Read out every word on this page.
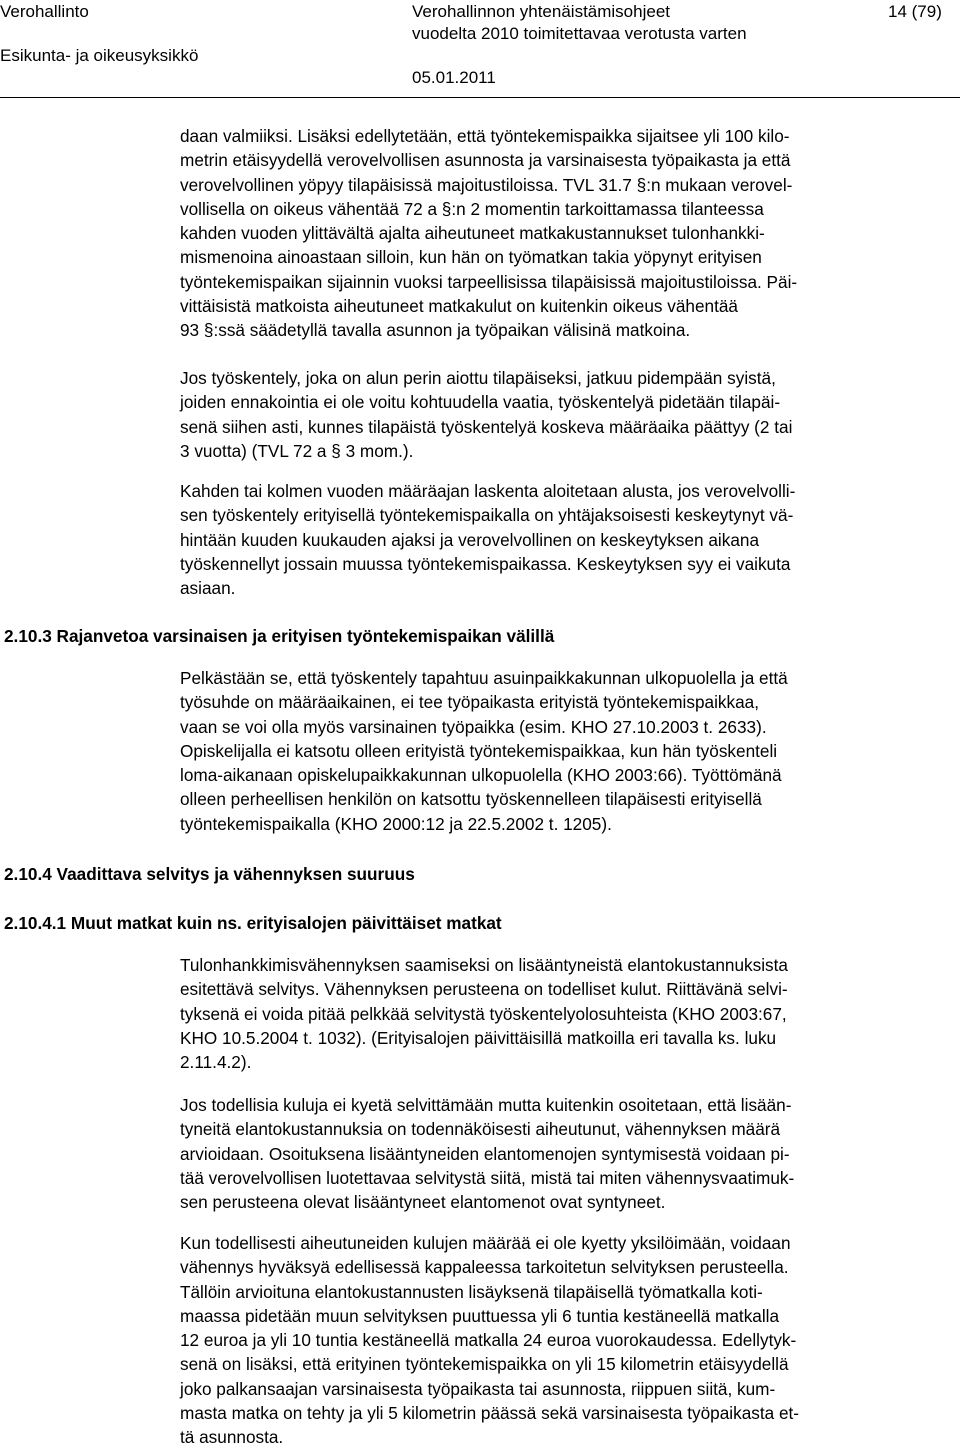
Verohallinto
Esikunta- ja oikeusyksikkö
Verohallinnon yhtenäistämisohjeet
vuodelta 2010 toimitettavaa verotusta varten
05.01.2011
14 (79)

daan valmiiksi. Lisäksi edellytetään, että työntekemispaikka sijaitsee yli 100 kilo-
metrin etäisyydellä verovelvollisen asunnosta ja varsinaisesta työpaikasta ja että
verovelvollinen yöpyy tilapäisissä majoitustiloissa. TVL 31.7 §:n mukaan verovel-
vollisella on oikeus vähentää 72 a §:n 2 momentin tarkoittamassa tilanteessa
kahden vuoden ylittävältä ajalta aiheutuneet matkakustannukset tulonhankki-
mismenoina ainoastaan silloin, kun hän on työmatkan takia yöpynyt erityisen
työntekemispaikan sijainnin vuoksi tarpeellisissa tilapäisissä majoitustiloissa. Päi-
vittäisistä matkoista aiheutuneet matkakulut on kuitenkin oikeus vähentää
93 §:ssä säädetyllä tavalla asunnon ja työpaikan välisinä matkoina.

Jos työskentely, joka on alun perin aiottu tilapäiseksi, jatkuu pidempään syistä,
joiden ennakointia ei ole voitu kohtuudella vaatia, työskentelyä pidetään tilapäi-
senä siihen asti, kunnes tilapäistä työskentelyä koskeva määräaika päättyy (2 tai
3 vuotta) (TVL 72 a § 3 mom.).

Kahden tai kolmen vuoden määräajan laskenta aloitetaan alusta, jos verovelvolli-
sen työskentely erityisellä työntekemispaikalla on yhtäjaksoisesti keskeytynyt vä-
hintään kuuden kuukauden ajaksi ja verovelvollinen on keskeytyksen aikana
työskennellyt jossain muussa työntekemispaikassa. Keskeytyksen syy ei vaikuta
asiaan.

2.10.3 Rajanvetoa varsinaisen ja erityisen työntekemispaikan välillä

Pelkästään se, että työskentely tapahtuu asuinpaikkakunnan ulkopuolella ja että
työsuhde on määräaikainen, ei tee työpaikasta erityistä työntekemispaikkaa,
vaan se voi olla myös varsinainen työpaikka (esim. KHO 27.10.2003 t. 2633).
Opiskelijalla ei katsotu olleen erityistä työntekemispaikkaa, kun hän työskenteli
loma-aikanaan opiskelupaikkakunnan ulkopuolella (KHO 2003:66). Työttömänä
olleen perheellisen henkilön on katsottu työskennelleen tilapäisesti erityisellä
työntekemispaikalla (KHO 2000:12 ja 22.5.2002 t. 1205).

2.10.4 Vaadittava selvitys ja vähennyksen suuruus
2.10.4.1 Muut matkat kuin ns. erityisalojen päivittäiset matkat

Tulonhankkimisvähennyksen saamiseksi on lisääntyneistä elantokustannuksista
esitettävä selvitys. Vähennyksen perusteena on todelliset kulut. Riittävänä selvi-
tyksenä ei voida pitää pelkkää selvitystä työskentelyolosuhteista (KHO 2003:67,
KHO 10.5.2004 t. 1032). (Erityisalojen päivittäisillä matkoilla eri tavalla ks. luku
2.11.4.2).

Jos todellisia kuluja ei kyetä selvittämään mutta kuitenkin osoitetaan, että lisään-
tyneitä elantokustannuksia on todennäköisesti aiheutunut, vähennyksen määrä
arvioidaan. Osoituksena lisääntyneiden elantomenojen syntymisestä voidaan pi-
tää verovelvollisen luotettavaa selvitystä siitä, mistä tai miten vähennysvaatimuk-
sen perusteena olevat lisääntyneet elantomenot ovat syntyneet.

Kun todellisesti aiheutuneiden kulujen määrää ei ole kyetty yksilöimään, voidaan
vähennys hyväksyä edellisessä kappaleessa tarkoitetun selvityksen perusteella.
Tällöin arvioituna elantokustannusten lisäyksenä tilapäisellä työmatkalla koti-
maassa pidetään muun selvityksen puuttuessa yli 6 tuntia kestäneellä matkalla
12 euroa ja yli 10 tuntia kestäneellä matkalla 24 euroa vuorokaudessa. Edellytyk-
senä on lisäksi, että erityinen työntekemispaikka on yli 15 kilometrin etäisyydellä
joko palkansaajan varsinaisesta työpaikasta tai asunnosta, riippuen siitä, kum-
masta matka on tehty ja yli 5 kilometrin päässä sekä varsinaisesta työpaikasta et-
tä asunnosta.
